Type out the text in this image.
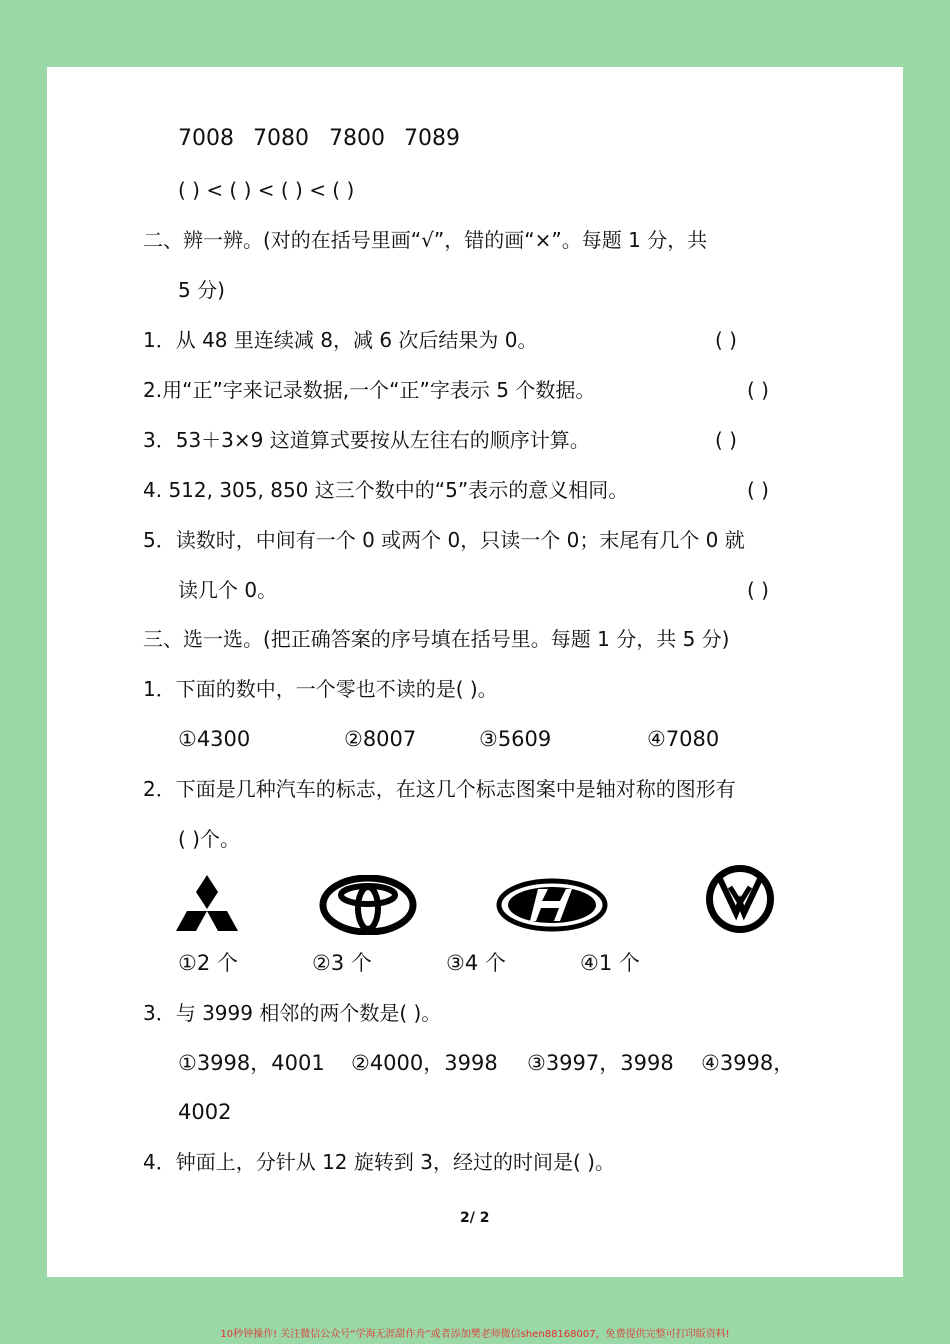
7008 7080 7800 7089
( ) < ( ) < ( ) < ( )
二、辨一辨。(对的在括号里画“√”，错的画“×”。每题 1 分，共
5 分)
1．从 48 里连续减 8，减 6 次后结果为 0。	( )
2.用“正”字来记录数据,一个“正”字表示 5 个数据。	( )
3．53＋3×9 这道算式要按从左往右的顺序计算。	( )
4. 512, 305, 850 这三个数中的“5”表示的意义相同。	( )
5．读数时，中间有一个 0 或两个 0，只读一个 0；末尾有几个 0 就
读几个 0。	( )
三、选一选。(把正确答案的序号填在括号里。每题 1 分，共 5 分)
1．下面的数中，一个零也不读的是( )。
①4300	②8007	③5609	④7080
2．下面是几种汽车的标志，在这几个标志图案中是轴对称的图形有
( )个。
①2 个	②3 个	③4 个	④1 个
3．与 3999 相邻的两个数是( )。
①3998，4001 ②4000，3998 ③3997，3998 ④3998，
4002
4．钟面上，分针从 12 旋转到 3，经过的时间是( )。
2/ 2
10秒钟操作! 关注微信公众号“学海无涯甜作舟”或者添加樊老师微信shen88168007，免费提供完整可打印版资料!
